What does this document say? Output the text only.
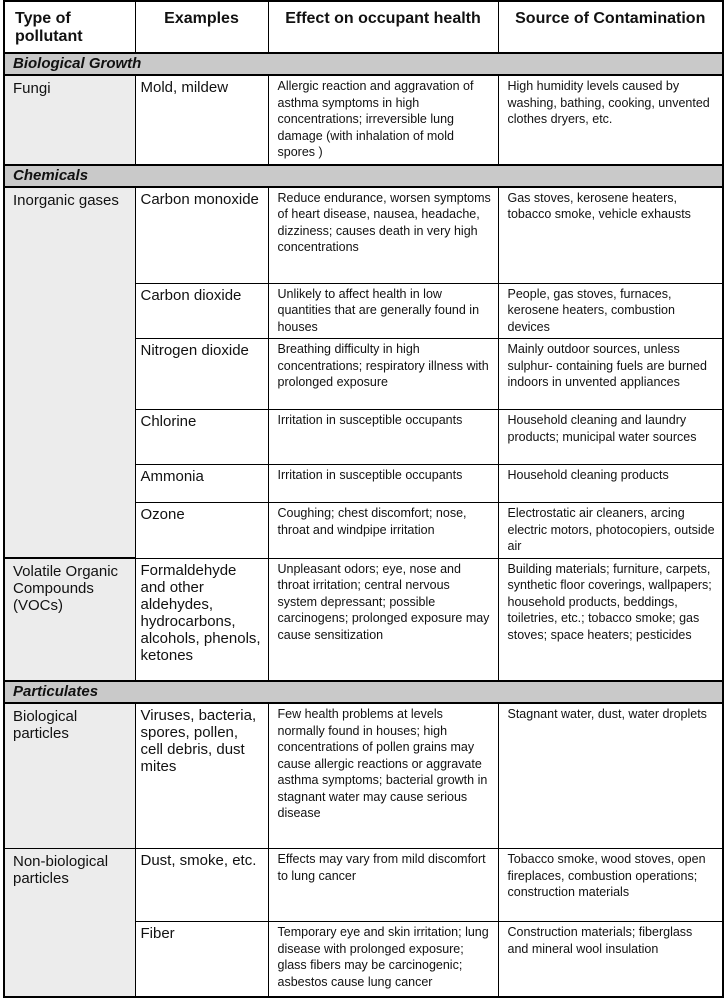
Type of pollutant	Examples	Effect on occupant health	Source of Contamination
Biological Growth			
Fungi	Mold, mildew	Allergic reaction and aggravation of asthma symptoms in high concentrations; irreversible lung damage (with inhalation of mold spores )	High humidity levels caused by washing, bathing, cooking, unvented clothes dryers, etc.
Chemicals			
Inorganic gases	Carbon monoxide	Reduce endurance, worsen symptoms of heart disease, nausea, headache, dizziness; causes death in very high concentrations	Gas stoves, kerosene heaters, tobacco smoke, vehicle exhausts
	Carbon dioxide	Unlikely to affect health in low quantities that are generally found in houses	People, gas stoves, furnaces, kerosene heaters, combustion devices
	Nitrogen dioxide	Breathing difficulty in high concentrations; respiratory illness with prolonged exposure	Mainly outdoor sources, unless sulphur- containing fuels are burned indoors in unvented appliances
	Chlorine	Irritation in susceptible occupants	Household cleaning and laundry products; municipal water sources
	Ammonia	Irritation in susceptible occupants	Household cleaning products
	Ozone	Coughing; chest discomfort; nose, throat and windpipe irritation	Electrostatic air cleaners, arcing electric motors, photocopiers, outside air
Volatile Organic Compounds (VOCs)	Formaldehyde and other aldehydes, hydrocarbons, alcohols, phenols, ketones	Unpleasant odors; eye, nose and throat irritation; central nervous system depressant; possible carcinogens; prolonged exposure may cause sensitization	Building materials; furniture, carpets, synthetic floor coverings, wallpapers; household products, beddings, toiletries, etc.; tobacco smoke; gas stoves; space heaters; pesticides
Particulates			
Biological particles	Viruses, bacteria, spores, pollen, cell debris, dust mites	Few health problems at levels normally found in houses; high concentrations of pollen grains may cause allergic reactions or aggravate asthma symptoms; bacterial growth in stagnant water may cause serious disease	Stagnant water, dust, water droplets
Non-biological particles	Dust, smoke, etc.	Effects may vary from mild discomfort to lung cancer	Tobacco smoke, wood stoves, open fireplaces, combustion operations; construction materials
	Fiber	Temporary eye and skin irritation; lung disease with prolonged exposure; glass fibers may be carcinogenic; asbestos cause lung cancer	Construction materials; fiberglass and mineral wool insulation
